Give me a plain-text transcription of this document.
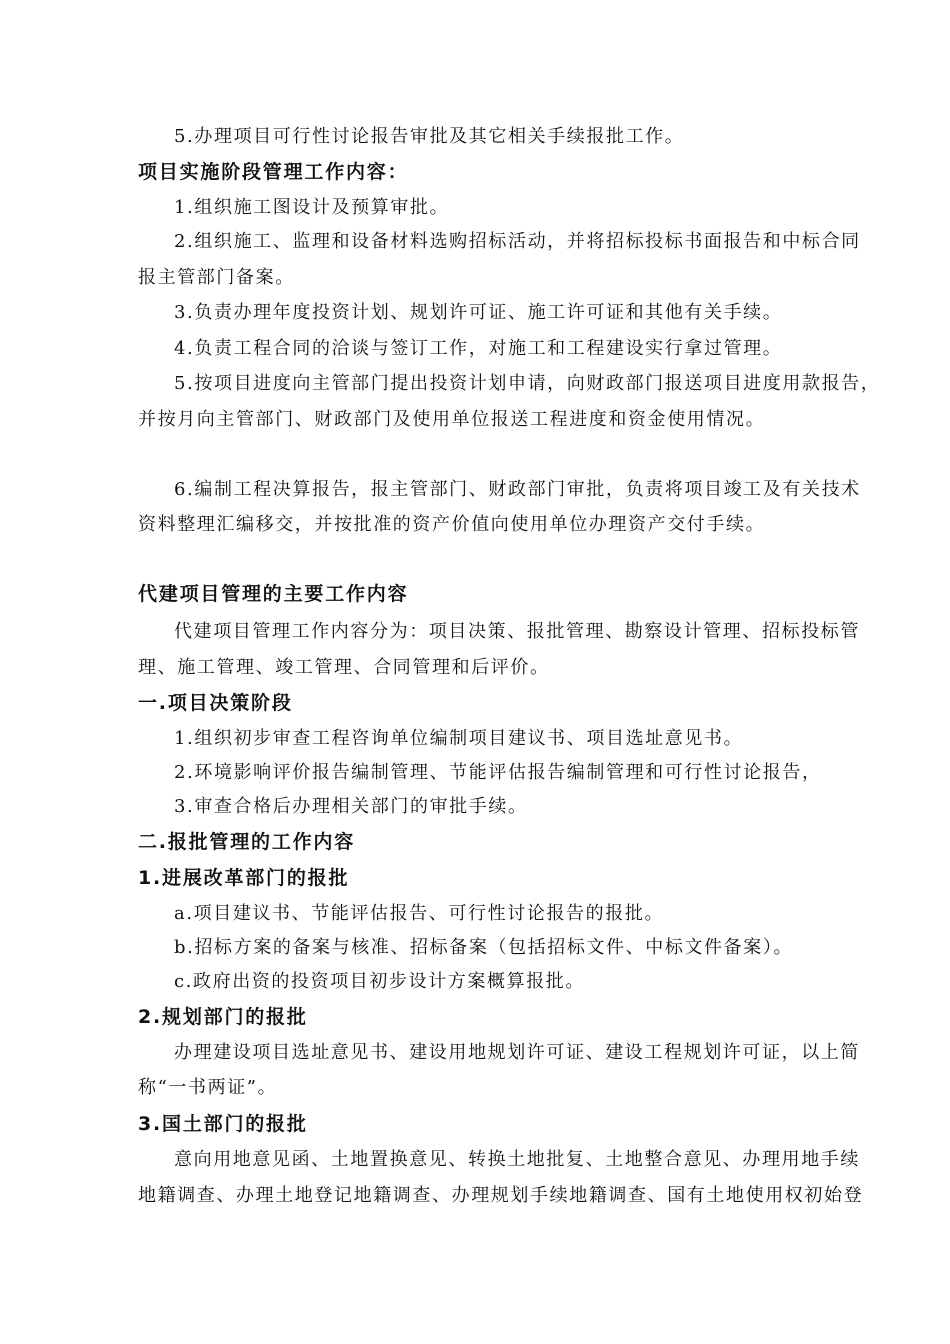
5.办理项目可行性讨论报告审批及其它相关手续报批工作。
项目实施阶段管理工作内容：
1.组织施工图设计及预算审批。
2.组织施工、监理和设备材料选购招标活动，并将招标投标书面报告和中标合同
报主管部门备案。
3.负责办理年度投资计划、规划许可证、施工许可证和其他有关手续。
4.负责工程合同的洽谈与签订工作，对施工和工程建设实行拿过管理。
5.按项目进度向主管部门提出投资计划申请，向财政部门报送项目进度用款报告，
并按月向主管部门、财政部门及使用单位报送工程进度和资金使用情况。
6.编制工程决算报告，报主管部门、财政部门审批，负责将项目竣工及有关技术
资料整理汇编移交，并按批准的资产价值向使用单位办理资产交付手续。
代建项目管理的主要工作内容
代建项目管理工作内容分为：项目决策、报批管理、勘察设计管理、招标投标管
理、施工管理、竣工管理、合同管理和后评价。
一.项目决策阶段
1.组织初步审查工程咨询单位编制项目建议书、项目选址意见书。
2.环境影响评价报告编制管理、节能评估报告编制管理和可行性讨论报告，
3.审查合格后办理相关部门的审批手续。
二.报批管理的工作内容
1.进展改革部门的报批
a.项目建议书、节能评估报告、可行性讨论报告的报批。
b.招标方案的备案与核准、招标备案（包括招标文件、中标文件备案）。
c.政府出资的投资项目初步设计方案概算报批。
2.规划部门的报批
办理建设项目选址意见书、建设用地规划许可证、建设工程规划许可证，以上简
称“一书两证”。
3.国土部门的报批
意向用地意见函、土地置换意见、转换土地批复、土地整合意见、办理用地手续
地籍调查、办理土地登记地籍调查、办理规划手续地籍调查、国有土地使用权初始登
